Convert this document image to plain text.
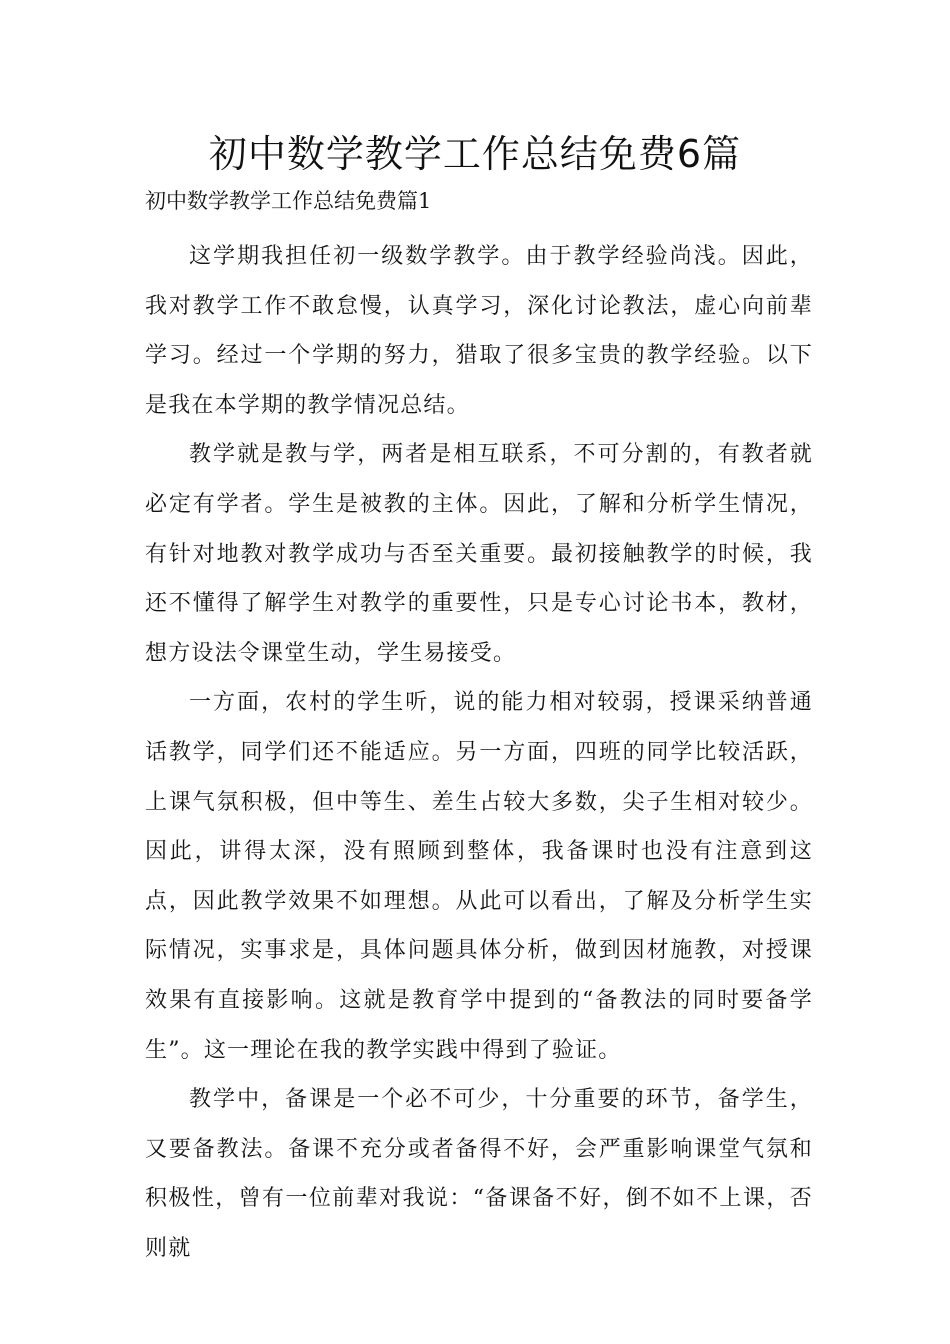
初中数学教学工作总结免费6篇
初中数学教学工作总结免费篇1

这学期我担任初一级数学教学。由于教学经验尚浅。因此，我对教学工作不敢怠慢，认真学习，深化讨论教法，虚心向前辈学习。经过一个学期的努力，猎取了很多宝贵的教学经验。以下是我在本学期的教学情况总结。

教学就是教与学，两者是相互联系，不可分割的，有教者就必定有学者。学生是被教的主体。因此，了解和分析学生情况，有针对地教对教学成功与否至关重要。最初接触教学的时候，我还不懂得了解学生对教学的重要性，只是专心讨论书本，教材，想方设法令课堂生动，学生易接受。

一方面，农村的学生听，说的能力相对较弱，授课采纳普通话教学，同学们还不能适应。另一方面，四班的同学比较活跃，上课气氛积极，但中等生、差生占较大多数，尖子生相对较少。因此，讲得太深，没有照顾到整体，我备课时也没有注意到这点，因此教学效果不如理想。从此可以看出，了解及分析学生实际情况，实事求是，具体问题具体分析，做到因材施教，对授课效果有直接影响。这就是教育学中提到的“备教法的同时要备学生”。这一理论在我的教学实践中得到了验证。

教学中，备课是一个必不可少，十分重要的环节，备学生，又要备教法。备课不充分或者备得不好，会严重影响课堂气氛和积极性，曾有一位前辈对我说：“备课备不好，倒不如不上课，否则就
